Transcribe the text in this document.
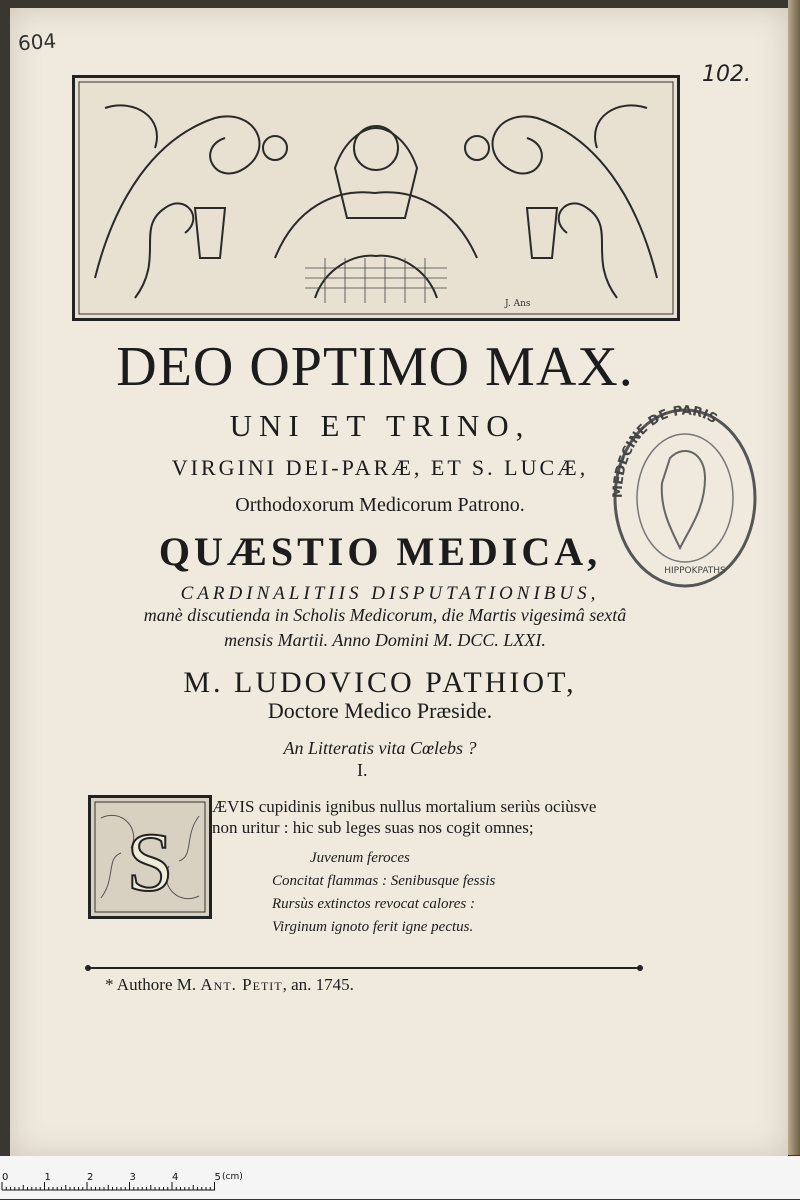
604
102.
J. Ans
DEO OPTIMO MAX.
UNI ET TRINO,
VIRGINI DEI-PARÆ, ET S. LUCÆ,
Orthodoxorum Medicorum Patrono.
QUÆSTIO MEDICA,
CARDINALITIIS DISPUTATIONIBUS,
manè discutienda in Scholis Medicorum, die Martis vigesimâ sextâ
mensis Martii. Anno Domini M. DCC. LXXI.
M. LUDOVICO PATHIOT,
Doctore Medico Præside.
An Litteratis vita Cœlebs ?
I.
S
ÆVIS cupidinis ignibus nullus mortalium seriùs ociùsve
non uritur : hic sub leges suas nos cogit omnes;
Juvenum feroces
Concitat flammas : Senibusque fessis
Rursùs extinctos revocat calores :
Virginum ignoto ferit igne pectus.
* Authore M. Ant. Petit, an. 1745.
MEDECINE DE PARIS
HIPPOKPATHS
0	1	2	3	4	5 (cm)
